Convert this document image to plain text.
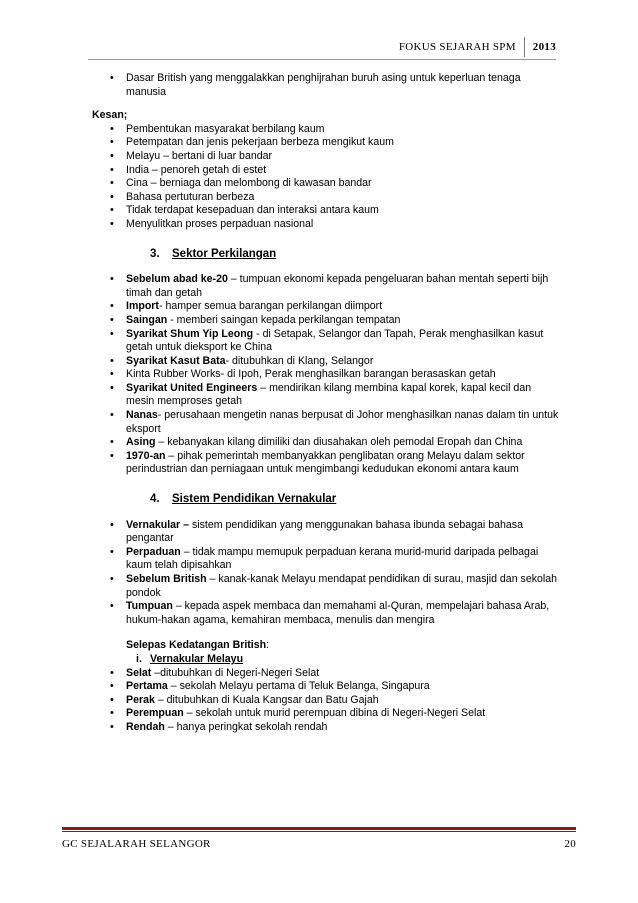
FOKUS SEJARAH SPM	2013
• Dasar British yang menggalakkan penghijrahan buruh asing untuk keperluan tenaga manusia
Kesan;
• Pembentukan masyarakat berbilang kaum
• Petempatan dan jenis pekerjaan berbeza mengikut kaum
• Melayu – bertani di luar bandar
• India – penoreh getah di estet
• Cina – berniaga dan melombong di kawasan bandar
• Bahasa pertuturan berbeza
• Tidak terdapat kesepaduan dan interaksi antara kaum
• Menyulitkan proses perpaduan nasional
3. Sektor Perkilangan
• Sebelum abad ke-20 – tumpuan ekonomi kepada pengeluaran bahan mentah seperti bijh timah dan getah
• Import- hamper semua barangan perkilangan diimport
• Saingan - memberi saingan kepada perkilangan tempatan
• Syarikat Shum Yip Leong - di Setapak, Selangor dan Tapah, Perak menghasilkan kasut getah untuk dieksport ke China
• Syarikat Kasut Bata- ditubuhkan di Klang, Selangor
• Kinta Rubber Works- di Ipoh, Perak menghasilkan barangan berasaskan getah
• Syarikat United Engineers – mendirikan kilang membina kapal korek, kapal kecil dan mesin memproses getah
• Nanas- perusahaan mengetin nanas berpusat di Johor menghasilkan nanas dalam tin untuk eksport
• Asing – kebanyakan kilang dimiliki dan diusahakan oleh pemodal Eropah dan China
• 1970-an – pihak pemerintah membanyakkan penglibatan orang Melayu dalam sektor perindustrian dan perniagaan untuk mengimbangi kedudukan ekonomi antara kaum
4. Sistem Pendidikan Vernakular
• Vernakular – sistem pendidikan yang menggunakan bahasa ibunda sebagai bahasa pengantar
• Perpaduan – tidak mampu memupuk perpaduan kerana murid-murid daripada pelbagai kaum telah dipisahkan
• Sebelum British – kanak-kanak Melayu mendapat pendidikan di surau, masjid dan sekolah pondok
• Tumpuan – kepada aspek membaca dan memahami al-Quran, mempelajari bahasa Arab, hukum-hakan agama, kemahiran membaca, menulis dan mengira
Selepas Kedatangan British:
i. Vernakular Melayu
• Selat –ditubuhkan di Negeri-Negeri Selat
• Pertama – sekolah Melayu pertama di Teluk Belanga, Singapura
• Perak – ditubuhkan di Kuala Kangsar dan Batu Gajah
• Perempuan – sekolah untuk murid perempuan dibina di Negeri-Negeri Selat
• Rendah – hanya peringkat sekolah rendah
GC SEJALARAH SELANGOR	20
